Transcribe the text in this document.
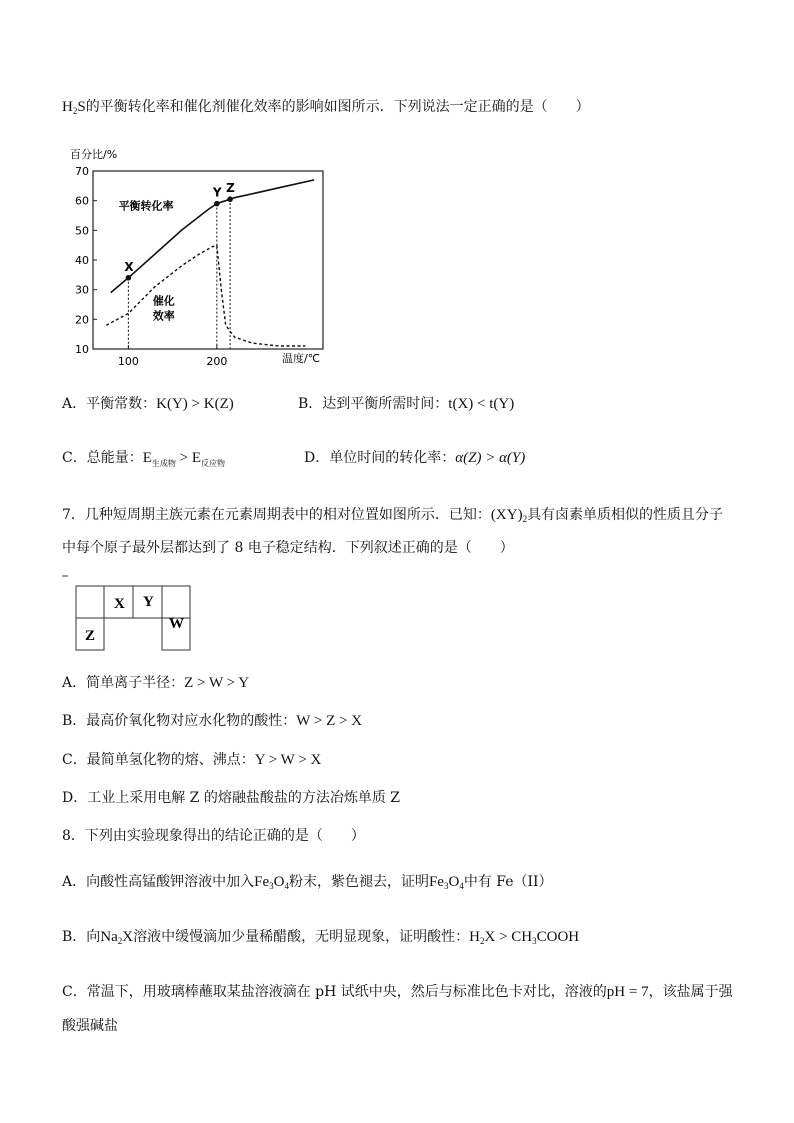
$H_2S$的平衡转化率和催化剂催化效率的影响如图所示．下列说法一定正确的是（　　）
百分比/%
温度/℃
10
20
30
40
50
60
70
100	200
X
Y Z
平衡转化率
催化
效率
A．平衡常数：K(Y) > K(Z)	B．达到平衡所需时间：t(X) < t(Y)
C．总能量：$E_{生成物} > E_{反应物}$	D．单位时间的转化率：α(Z) > α(Y)
7．几种短周期主族元素在元素周期表中的相对位置如图所示．已知：$(XY)_2$具有卤素单质相似的性质且分子
中每个原子最外层都达到了 8 电子稳定结构．下列叙述正确的是（　　）
X Y
Z
W
A．简单离子半径：Z > W > Y
B．最高价氧化物对应水化物的酸性：W > Z > X
C．最简单氢化物的熔、沸点：Y > W > X
D．工业上采用电解 Z 的熔融盐酸盐的方法冶炼单质 Z
8．下列由实验现象得出的结论正确的是（　　）
A．向酸性高锰酸钾溶液中加入$Fe_3O_4$粉末，紫色褪去，证明$Fe_3O_4$中有 Fe（II）
B．向$Na_2X$溶液中缓慢滴加少量稀醋酸，无明显现象，证明酸性：$H_2X$ > $CH_3COOH$
C．常温下，用玻璃棒蘸取某盐溶液滴在 pH 试纸中央，然后与标准比色卡对比，溶液的pH = 7，该盐属于强
酸强碱盐
